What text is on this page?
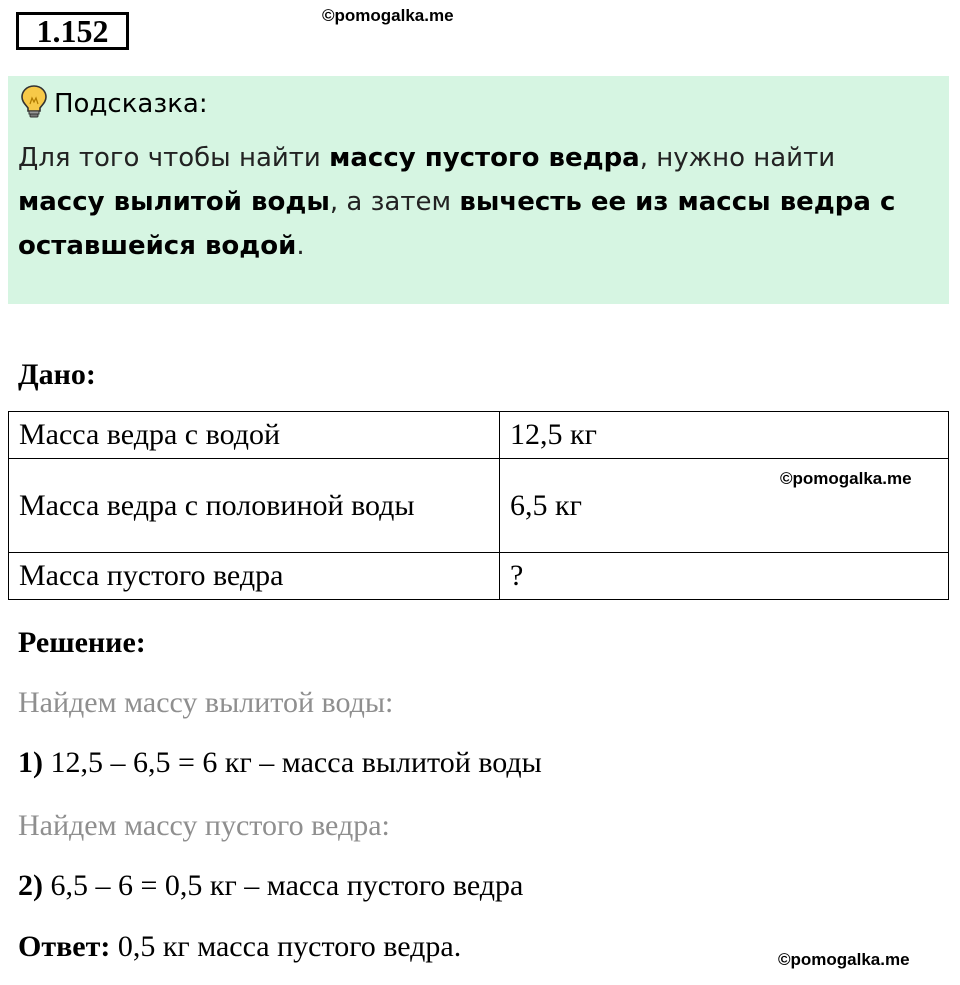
1.152	©pomogalka.me
Подсказка:
Для того чтобы найти массу пустого ведра, нужно найти
массу вылитой воды, а затем вычесть ее из массы ведра с оставшейся водой.
Дано:
Масса ведра с водой	12,5 кг
Масса ведра с половиной воды	6,5 кг
©pomogalka.me

Масса пустого ведра	?
Решение:
Найдем массу вылитой воды:
1) 12,5 – 6,5 = 6 кг – масса вылитой воды
Найдем массу пустого ведра:
2) 6,5 – 6 = 0,5 кг – масса пустого ведра
Ответ: 0,5 кг масса пустого ведра.	©pomogalka.me
